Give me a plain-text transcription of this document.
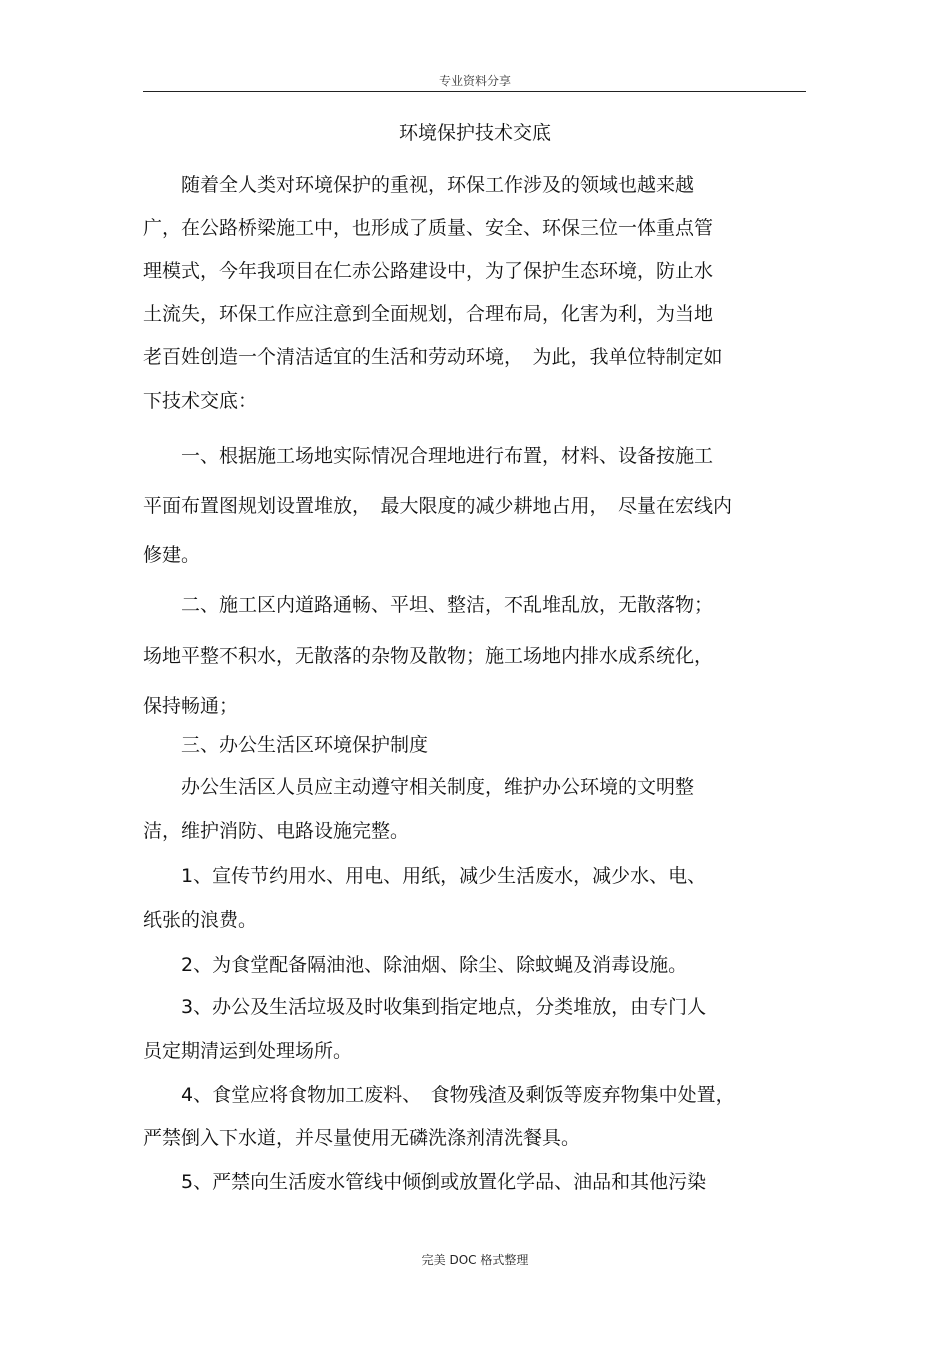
专业资料分享
环境保护技术交底
　　随着全人类对环境保护的重视，环保工作涉及的领域也越来越
广，在公路桥梁施工中，也形成了质量、安全、环保三位一体重点管
理模式，今年我项目在仁赤公路建设中，为了保护生态环境，防止水
土流失，环保工作应注意到全面规划，合理布局，化害为利，为当地
老百姓创造一个清洁适宜的生活和劳动环境，　为此，我单位特制定如
下技术交底：
　　一、根据施工场地实际情况合理地进行布置，材料、设备按施工
平面布置图规划设置堆放，　最大限度的减少耕地占用，　尽量在宏线内
修建。
　　二、施工区内道路通畅、平坦、整洁，不乱堆乱放，无散落物；
场地平整不积水，无散落的杂物及散物；施工场地内排水成系统化，
保持畅通；
　　三、办公生活区环境保护制度
　　办公生活区人员应主动遵守相关制度，维护办公环境的文明整
洁，维护消防、电路设施完整。
　　1、宣传节约用水、用电、用纸，减少生活废水，减少水、电、
纸张的浪费。
　　2、为食堂配备隔油池、除油烟、除尘、除蚊蝇及消毒设施。
　　3、办公及生活垃圾及时收集到指定地点，分类堆放，由专门人
员定期清运到处理场所。
　　4、食堂应将食物加工废料、　食物残渣及剩饭等废弃物集中处置，
严禁倒入下水道，并尽量使用无磷洗涤剂清洗餐具。
　　5、严禁向生活废水管线中倾倒或放置化学品、油品和其他污染
完美 DOC 格式整理
